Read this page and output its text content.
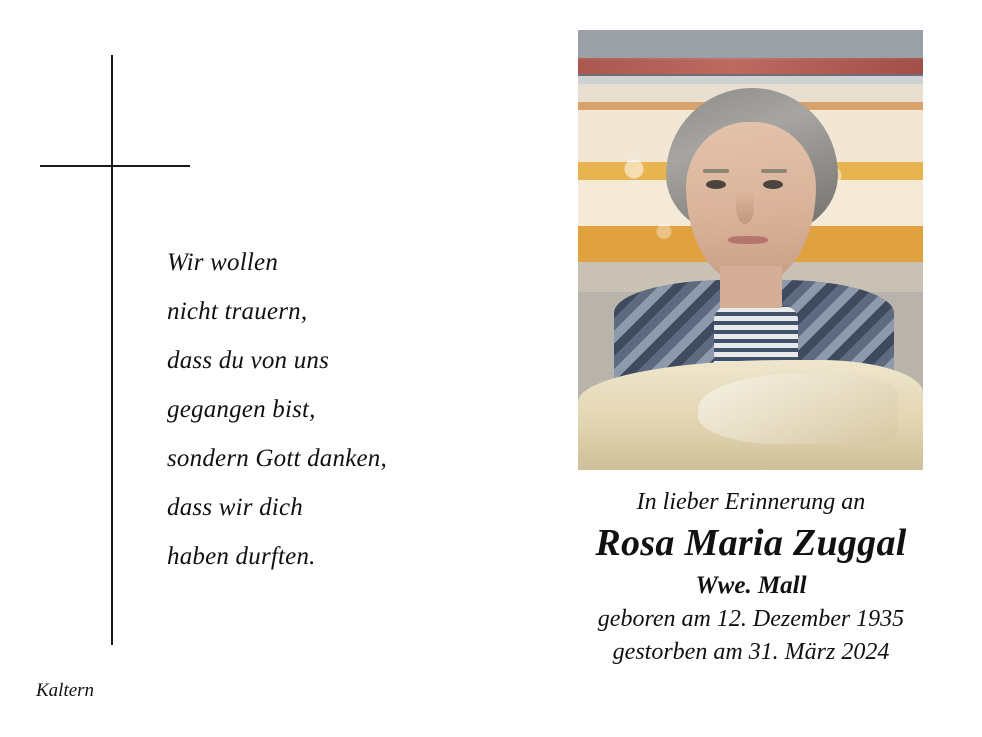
Wir wollen
nicht trauern,
dass du von uns
gegangen bist,
sondern Gott danken,
dass wir dich
haben durften.
Kaltern
In lieber Erinnerung an
Rosa Maria Zuggal
Wwe. Mall
geboren am 12. Dezember 1935
gestorben am 31. März 2024
